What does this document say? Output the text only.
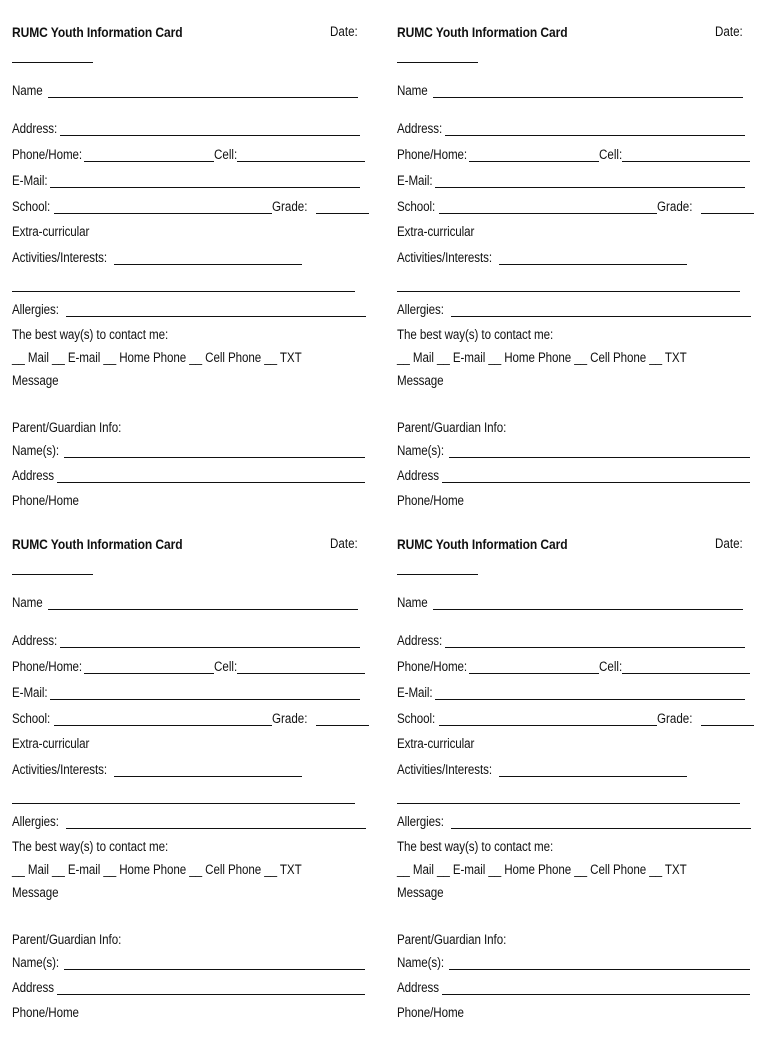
RUMC Youth Information Card	Date:
Name
Address:
Phone/Home:	Cell:
E-Mail:
School:	Grade:
Extra-curricular
Activities/Interests:
Allergies:
The best way(s) to contact me:
__ Mail __ E-mail __ Home Phone __ Cell Phone __ TXT
Message
Parent/Guardian Info:
Name(s):
Address
Phone/Home
RUMC Youth Information Card	Date:
Name
Address:
Phone/Home:	Cell:
E-Mail:
School:	Grade:
Extra-curricular
Activities/Interests:
Allergies:
The best way(s) to contact me:
__ Mail __ E-mail __ Home Phone __ Cell Phone __ TXT
Message
Parent/Guardian Info:
Name(s):
Address
Phone/Home
RUMC Youth Information Card	Date:
Name
Address:
Phone/Home:	Cell:
E-Mail:
School:	Grade:
Extra-curricular
Activities/Interests:
Allergies:
The best way(s) to contact me:
__ Mail __ E-mail __ Home Phone __ Cell Phone __ TXT
Message
Parent/Guardian Info:
Name(s):
Address
Phone/Home
RUMC Youth Information Card	Date:
Name
Address:
Phone/Home:	Cell:
E-Mail:
School:	Grade:
Extra-curricular
Activities/Interests:
Allergies:
The best way(s) to contact me:
__ Mail __ E-mail __ Home Phone __ Cell Phone __ TXT
Message
Parent/Guardian Info:
Name(s):
Address
Phone/Home
